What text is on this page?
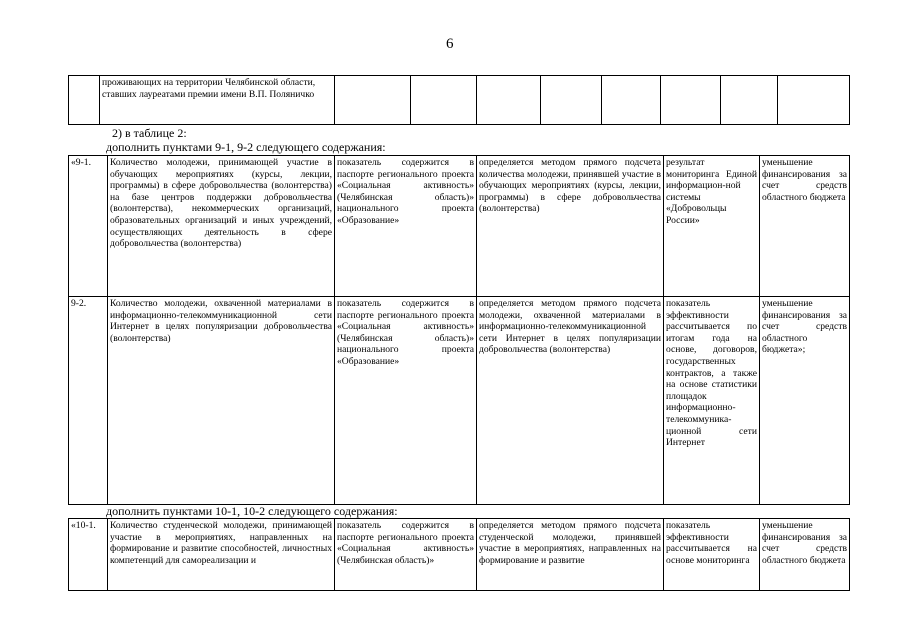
6
	проживающих на территории Челябинской области, ставших лауреатами премии имени В.П. Поляничко								
2) в таблице 2:
дополнить пунктами 9-1, 9-2 следующего содержания:
«9-1.	Количество молодежи, принимающей участие в обучающих мероприятиях (курсы, лекции, программы) в сфере добровольчества (волонтерства) на базе центров поддержки добровольчества (волонтерства), некоммерческих организаций, образовательных организаций и иных учреждений, осуществляющих деятельность в сфере добровольчества (волонтерства)	показатель содержится в паспорте регионального проекта «Социальная активность» (Челябинская область)» национального проекта «Образование»	определяется методом прямого подсчета количества молодежи, принявшей участие в обучающих мероприятиях (курсы, лекции, программы) в сфере добровольчества (волонтерства)	результат мониторинга Единой информацион-ной системы «Добровольцы России»	уменьшение финансирования за счет средств областного бюджета
9-2.	Количество молодежи, охваченной материалами в информационно-телекоммуникационной сети Интернет в целях популяризации добровольчества (волонтерства)	показатель содержится в паспорте регионального проекта «Социальная активность» (Челябинская область)» национального проекта «Образование»	определяется методом прямого подсчета молодежи, охваченной материалами в информационно-телекоммуникационной сети Интернет в целях популяризации добровольчества (волонтерства)	показатель эффективности рассчитывается по итогам года на основе, договоров, государственных контрактов, а также на основе статистики площадок информационно-телекоммуника-ционной сети Интернет	уменьшение финансирования за счет средств областного бюджета»;
дополнить пунктами 10-1, 10-2 следующего содержания:
«10-1.	Количество студенческой молодежи, принимающей участие в мероприятиях, направленных на формирование и развитие способностей, личностных компетенций для самореализации и	показатель содержится в паспорте регионального проекта «Социальная активность» (Челябинская область)»	определяется методом прямого подсчета студенческой молодежи, принявшей участие в мероприятиях, направленных на формирование и развитие	показатель эффективности рассчитывается на основе мониторинга	уменьшение финансирования за счет средств областного бюджета
